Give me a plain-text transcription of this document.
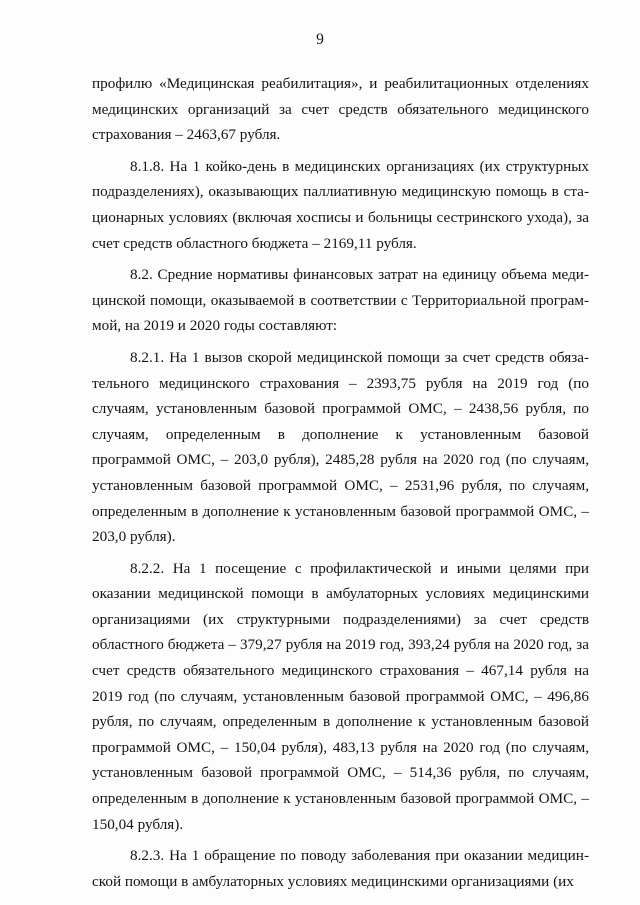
9

профилю «Медицинская реабилитация», и реабилитационных отделениях медицинских организаций за счет средств обязательного медицинского страхования – 2463,67 рубля.

8.1.8. На 1 койко-день в медицинских организациях (их структурных подразделениях), оказывающих паллиативную медицинскую помощь в стационарных условиях (включая хосписы и больницы сестринского ухода), за счет средств областного бюджета – 2169,11 рубля.

8.2. Средние нормативы финансовых затрат на единицу объема медицинской помощи, оказываемой в соответствии с Территориальной программой, на 2019 и 2020 годы составляют:

8.2.1. На 1 вызов скорой медицинской помощи за счет средств обязательного медицинского страхования – 2393,75 рубля на 2019 год (по случаям, установленным базовой программой ОМС, – 2438,56 рубля, по случаям, определенным в дополнение к установленным базовой программой ОМС, – 203,0 рубля), 2485,28 рубля на 2020 год (по случаям, установленным базовой программой ОМС, – 2531,96 рубля, по случаям, определенным в дополнение к установленным базовой программой ОМС, – 203,0 рубля).

8.2.2. На 1 посещение с профилактической и иными целями при оказании медицинской помощи в амбулаторных условиях медицинскими организациями (их структурными подразделениями) за счет средств областного бюджета – 379,27 рубля на 2019 год, 393,24 рубля на 2020 год, за счет средств обязательного медицинского страхования – 467,14 рубля на 2019 год (по случаям, установленным базовой программой ОМС, – 496,86 рубля, по случаям, определенным в дополнение к установленным базовой программой ОМС, – 150,04 рубля), 483,13 рубля на 2020 год (по случаям, установленным базовой программой ОМС, – 514,36 рубля, по случаям, определенным в дополнение к установленным базовой программой ОМС, – 150,04 рубля).

8.2.3. На 1 обращение по поводу заболевания при оказании медицинской помощи в амбулаторных условиях медицинскими организациями (их
